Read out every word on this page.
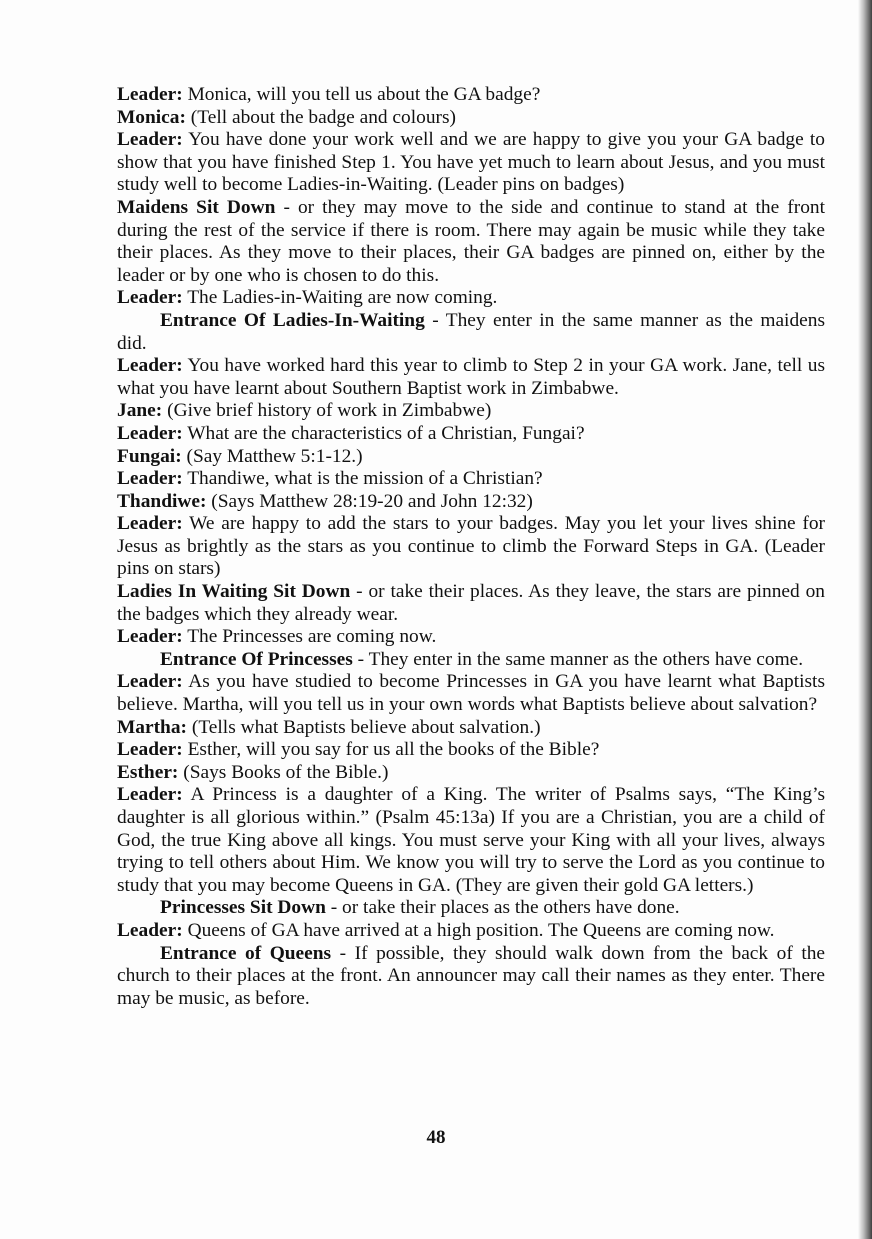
Leader: Monica, will you tell us about the GA badge?

Monica: (Tell about the badge and colours)

Leader: You have done your work well and we are happy to give you your GA badge to show that you have finished Step 1. You have yet much to learn about Jesus, and you must study well to become Ladies-in-Waiting. (Leader pins on badges)

Maidens Sit Down - or they may move to the side and continue to stand at the front during the rest of the service if there is room. There may again be music while they take their places. As they move to their places, their GA badges are pinned on, either by the leader or by one who is chosen to do this.

Leader: The Ladies-in-Waiting are now coming.

Entrance Of Ladies-In-Waiting - They enter in the same manner as the maidens did.

Leader: You have worked hard this year to climb to Step 2 in your GA work. Jane, tell us what you have learnt about Southern Baptist work in Zimbabwe.

Jane: (Give brief history of work in Zimbabwe)

Leader: What are the characteristics of a Christian, Fungai?

Fungai: (Say Matthew 5:1-12.)

Leader: Thandiwe, what is the mission of a Christian?

Thandiwe: (Says Matthew 28:19-20 and John 12:32)

Leader: We are happy to add the stars to your badges. May you let your lives shine for Jesus as brightly as the stars as you continue to climb the Forward Steps in GA. (Leader pins on stars)

Ladies In Waiting Sit Down - or take their places. As they leave, the stars are pinned on the badges which they already wear.

Leader: The Princesses are coming now.

Entrance Of Princesses - They enter in the same manner as the others have come.

Leader: As you have studied to become Princesses in GA you have learnt what Baptists believe. Martha, will you tell us in your own words what Baptists believe about salvation?

Martha: (Tells what Baptists believe about salvation.)

Leader: Esther, will you say for us all the books of the Bible?

Esther: (Says Books of the Bible.)

Leader: A Princess is a daughter of a King. The writer of Psalms says, “The King’s daughter is all glorious within.” (Psalm 45:13a) If you are a Christian, you are a child of God, the true King above all kings. You must serve your King with all your lives, always trying to tell others about Him. We know you will try to serve the Lord as you continue to study that you may become Queens in GA. (They are given their gold GA letters.)

Princesses Sit Down - or take their places as the others have done.

Leader: Queens of GA have arrived at a high position. The Queens are coming now.

Entrance of Queens - If possible, they should walk down from the back of the church to their places at the front. An announcer may call their names as they enter. There may be music, as before.

48
